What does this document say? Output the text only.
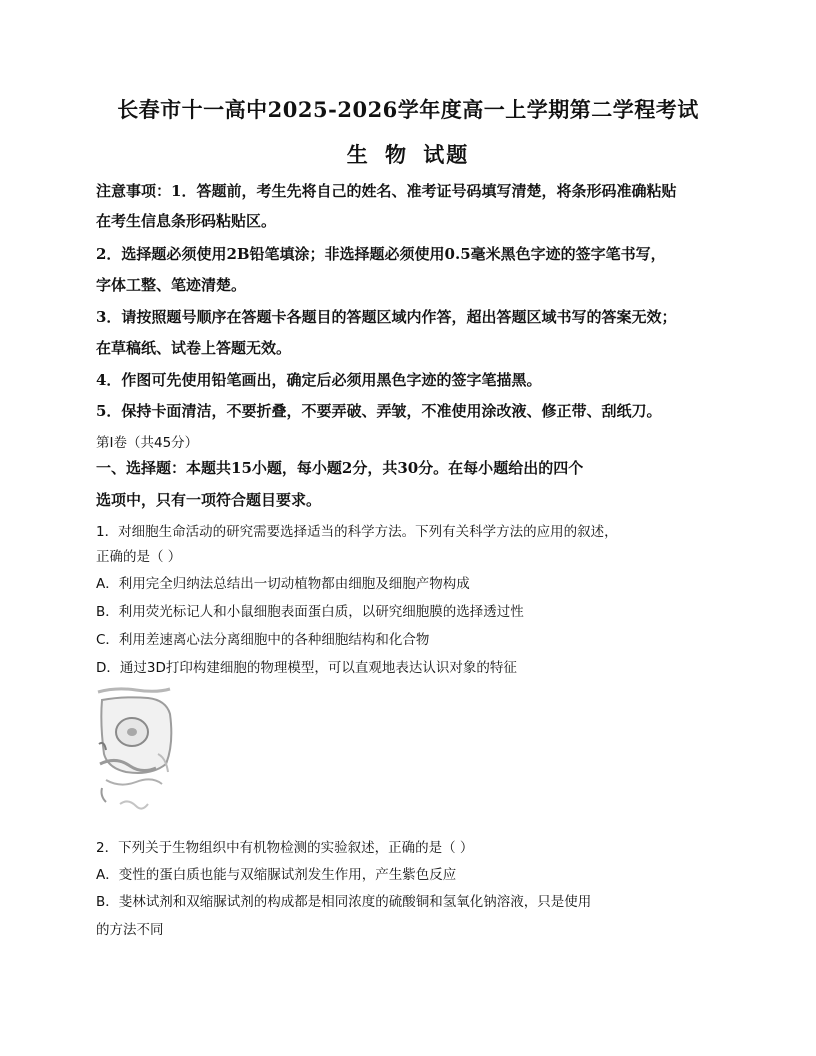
长春市十一高中2025-2026学年度高一上学期第二学程考试
生 物 试题
注意事项：1．答题前，考生先将自己的姓名、准考证号码填写清楚，将条形码准确粘贴
在考生信息条形码粘贴区。
2．选择题必须使用2B铅笔填涂；非选择题必须使用0.5毫米黑色字迹的签字笔书写，
字体工整、笔迹清楚。
3．请按照题号顺序在答题卡各题目的答题区域内作答，超出答题区域书写的答案无效；
在草稿纸、试卷上答题无效。
4．作图可先使用铅笔画出，确定后必须用黑色字迹的签字笔描黑。
5．保持卡面清洁，不要折叠，不要弄破、弄皱，不准使用涂改液、修正带、刮纸刀。
第Ⅰ卷（共45分）
一、选择题：本题共15小题，每小题2分，共30分。在每小题给出的四个
选项中，只有一项符合题目要求。
1．对细胞生命活动的研究需要选择适当的科学方法。下列有关科学方法的应用的叙述，
正确的是（ ）
A．利用完全归纳法总结出一切动植物都由细胞及细胞产物构成
B．利用荧光标记人和小鼠细胞表面蛋白质，以研究细胞膜的选择透过性
C．利用差速离心法分离细胞中的各种细胞结构和化合物
D．通过3D打印构建细胞的物理模型，可以直观地表达认识对象的特征
2．下列关于生物组织中有机物检测的实验叙述，正确的是（ ）
A．变性的蛋白质也能与双缩脲试剂发生作用，产生紫色反应
B．斐林试剂和双缩脲试剂的构成都是相同浓度的硫酸铜和氢氧化钠溶液，只是使用
的方法不同
